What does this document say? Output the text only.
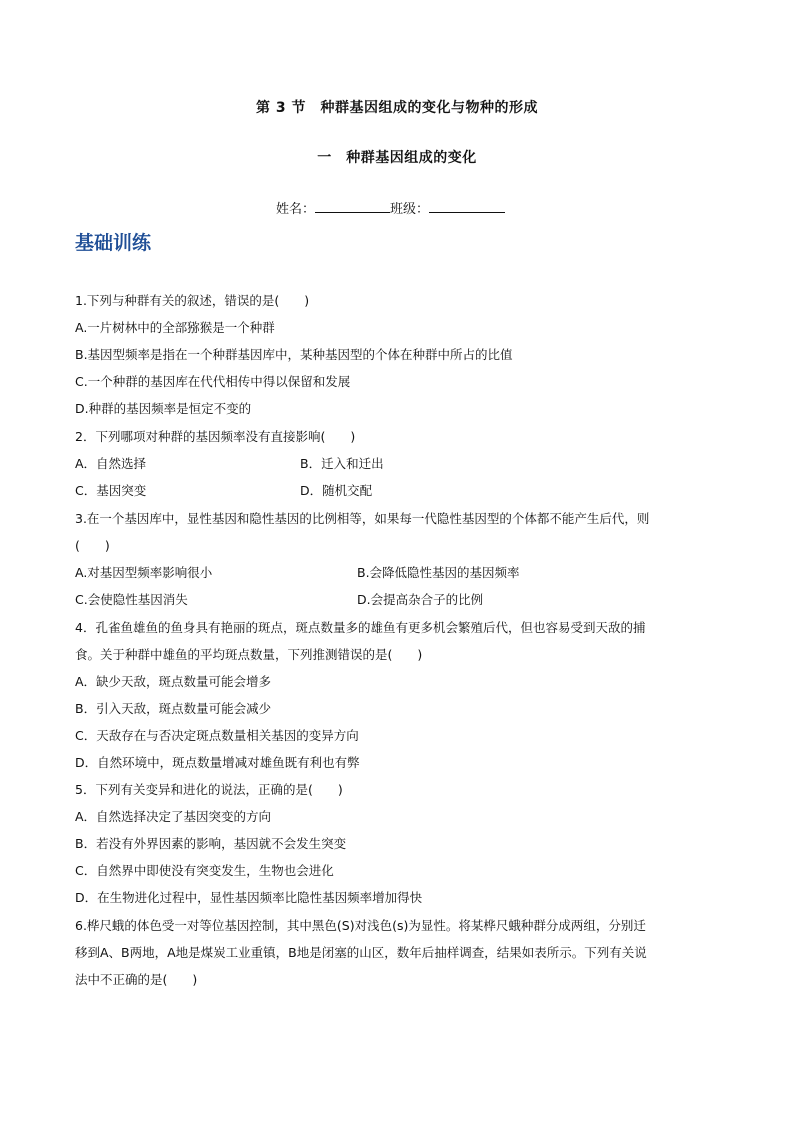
第 3 节　种群基因组成的变化与物种的形成
一　种群基因组成的变化
姓名：	班级：
基础训练
1.下列与种群有关的叙述，错误的是(　　)
A.一片树林中的全部猕猴是一个种群
B.基因型频率是指在一个种群基因库中，某种基因型的个体在种群中所占的比值
C.一个种群的基因库在代代相传中得以保留和发展
D.种群的基因频率是恒定不变的
2．下列哪项对种群的基因频率没有直接影响(　　)
A．自然选择	B．迁入和迁出
C．基因突变	D．随机交配
3.在一个基因库中，显性基因和隐性基因的比例相等，如果每一代隐性基因型的个体都不能产生后代，则
(　　)
A.对基因型频率影响很小	B.会降低隐性基因的基因频率
C.会使隐性基因消失	D.会提高杂合子的比例
4．孔雀鱼雄鱼的鱼身具有艳丽的斑点，斑点数量多的雄鱼有更多机会繁殖后代，但也容易受到天敌的捕
食。关于种群中雄鱼的平均斑点数量，下列推测错误的是(　　)
A．缺少天敌，斑点数量可能会增多
B．引入天敌，斑点数量可能会减少
C．天敌存在与否决定斑点数量相关基因的变异方向
D．自然环境中，斑点数量增减对雄鱼既有利也有弊
5．下列有关变异和进化的说法，正确的是(　　)
A．自然选择决定了基因突变的方向
B．若没有外界因素的影响，基因就不会发生突变
C．自然界中即使没有突变发生，生物也会进化
D．在生物进化过程中，显性基因频率比隐性基因频率增加得快
6.桦尺蛾的体色受一对等位基因控制，其中黑色(S)对浅色(s)为显性。将某桦尺蛾种群分成两组，分别迁
移到A、B两地，A地是煤炭工业重镇，B地是闭塞的山区，数年后抽样调查，结果如表所示。下列有关说
法中不正确的是(　　)
